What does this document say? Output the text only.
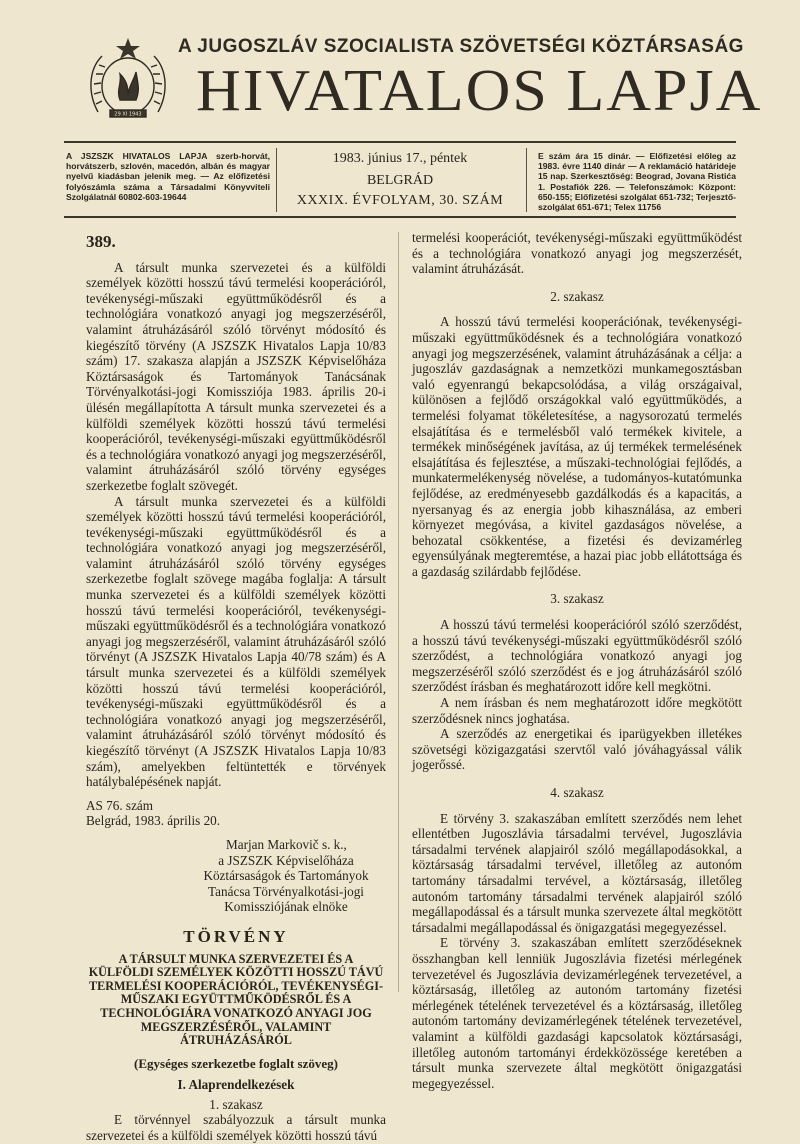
29 XI 1943
A JUGOSZLÁV SZOCIALISTA SZÖVETSÉGI KÖZTÁRSASÁG
HIVATALOS LAPJA
A JSZSZK HIVATALOS LAPJA szerb-horvát, horvátszerb, szlovén, macedón, albán és magyar nyelvű kiadásban jelenik meg. — Az előfizetési folyószámla száma a Társadalmi Könyvviteli Szolgálatnál 60802-603-19644
1983. június 17., péntek
BELGRÁD
XXXIX. ÉVFOLYAM, 30. SZÁM
E szám ára 15 dinár. — Előfizetési előleg az 1983. évre 1140 dinár — A reklamáció határideje 15 nap. Szerkesztőség: Beograd, Jovana Ristića 1. Postafiók 226. — Telefonszámok: Központ: 650-155; Előfizetési szolgálat 651-732; Terjesztő-szolgálat 651-671; Telex 11756
389.

A társult munka szervezetei és a külföldi személyek közötti hosszú távú termelési kooperációról, tevékenységi-műszaki együttműködésről és a technológiára vonatkozó anyagi jog megszerzéséről, valamint átruházásáról szóló törvényt módosító és kiegészítő törvény (A JSZSZK Hivatalos Lapja 10/83 szám) 17. szakasza alapján a JSZSZK Képviselőháza Köztársaságok és Tartományok Tanácsának Törvényalkotási-jogi Komissziója 1983. április 20-i ülésén megállapította A társult munka szervezetei és a külföldi személyek közötti hosszú távú termelési kooperációról, tevékenységi-műszaki együttműködésről és a technológiára vonatkozó anyagi jog megszerzéséről, valamint átruházásáról szóló törvény egységes szerkezetbe foglalt szövegét.

A társult munka szervezetei és a külföldi személyek közötti hosszú távú termelési kooperációról, tevékenységi-műszaki együttműködésről és a technológiára vonatkozó anyagi jog megszerzéséről, valamint átruházásáról szóló törvény egységes szerkezetbe foglalt szövege magába foglalja: A társult munka szervezetei és a külföldi személyek közötti hosszú távú termelési kooperációról, tevékenységi-műszaki együttműködésről és a technológiára vonatkozó anyagi jog megszerzéséről, valamint átruházásáról szóló törvényt (A JSZSZK Hivatalos Lapja 40/78 szám) és A társult munka szervezetei és a külföldi személyek közötti hosszú távú termelési kooperációról, tevékenységi-műszaki együttműködésről és a technológiára vonatkozó anyagi jog megszerzéséről, valamint átruházásáról szóló törvényt módosító és kiegészítő törvényt (A JSZSZK Hivatalos Lapja 10/83 szám), amelyekben feltüntették e törvények hatálybalépésének napját.

AS 76. szám
Belgrád, 1983. április 20.
Marjan Markovič s. k.,
a JSZSZK Képviselőháza Köztársaságok és Tartományok Tanácsa Törvényalkotási-jogi Komissziójának elnöke
TÖRVÉNY
A TÁRSULT MUNKA SZERVEZETEI ÉS A KÜLFÖLDI SZEMÉLYEK KÖZÖTTI HOSSZÚ TÁVÚ TERMELÉSI KOOPERÁCIÓRÓL, TEVÉKENYSÉGI-MŰSZAKI EGYÜTTMŰKÖDÉSRŐL ÉS A TECHNOLÓGIÁRA VONATKOZÓ ANYAGI JOG MEGSZERZÉSÉRŐL, VALAMINT ÁTRUHÁZÁSÁRÓL
(Egységes szerkezetbe foglalt szöveg)
I. Alaprendelkezések
1. szakasz

E törvénnyel szabályozzuk a társult munka szervezetei és a külföldi személyek közötti hosszú távú

termelési kooperációt, tevékenységi-műszaki együttműködést és a technológiára vonatkozó anyagi jog megszerzését, valamint átruházását.

2. szakasz

A hosszú távú termelési kooperációnak, tevékenységi-műszaki együttműködésnek és a technológiára vonatkozó anyagi jog megszerzésének, valamint átruházásának a célja: a jugoszláv gazdaságnak a nemzetközi munkamegosztásban való egyenrangú bekapcsolódása, a világ országaival, különösen a fejlődő országokkal való együttműködés, a termelési folyamat tökéletesítése, a nagysorozatú termelés elsajátítása és e termelésből való termékek kivitele, a termékek minőségének javítása, az új termékek termelésének elsajátítása és fejlesztése, a műszaki-technológiai fejlődés, a munkatermelékenység növelése, a tudományos-kutatómunka fejlődése, az eredményesebb gazdálkodás és a kapacitás, a nyersanyag és az energia jobb kihasználása, az emberi környezet megóvása, a kivitel gazdaságos növelése, a behozatal csökkentése, a fizetési és devizamérleg egyensúlyának megteremtése, a hazai piac jobb ellátottsága és a gazdaság szilárdabb fejlődése.

3. szakasz

A hosszú távú termelési kooperációról szóló szerződést, a hosszú távú tevékenységi-műszaki együttműködésről szóló szerződést, a technológiára vonatkozó anyagi jog megszerzéséről szóló szerződést és e jog átruházásáról szóló szerződést írásban és meghatározott időre kell megkötni.

A nem írásban és nem meghatározott időre megkötött szerződésnek nincs joghatása.

A szerződés az energetikai és iparügyekben illetékes szövetségi közigazgatási szervtől való jóváhagyással válik jogerőssé.

4. szakasz

E törvény 3. szakaszában említett szerződés nem lehet ellentétben Jugoszlávia társadalmi tervével, Jugoszlávia társadalmi tervének alapjairól szóló megállapodásokkal, a köztársaság társadalmi tervével, illetőleg az autonóm tartomány társadalmi tervével, a köztársaság, illetőleg autonóm tartomány társadalmi tervének alapjairól szóló megállapodással és a társult munka szervezete által megkötött társadalmi megállapodással és önigazgatási megegyezéssel.

E törvény 3. szakaszában említett szerződéseknek összhangban kell lenniük Jugoszlávia fizetési mérlegének tervezetével és Jugoszlávia devizamérlegének tervezetével, a köztársaság, illetőleg az autonóm tartomány fizetési mérlegének tételének tervezetével és a köztársaság, illetőleg autonóm tartomány devizamérlegének tételének tervezetével, valamint a külföldi gazdasági kapcsolatok köztársasági, illetőleg autonóm tartományi érdekközössége keretében a társult munka szervezete által megkötött önigazgatási megegyezéssel.
